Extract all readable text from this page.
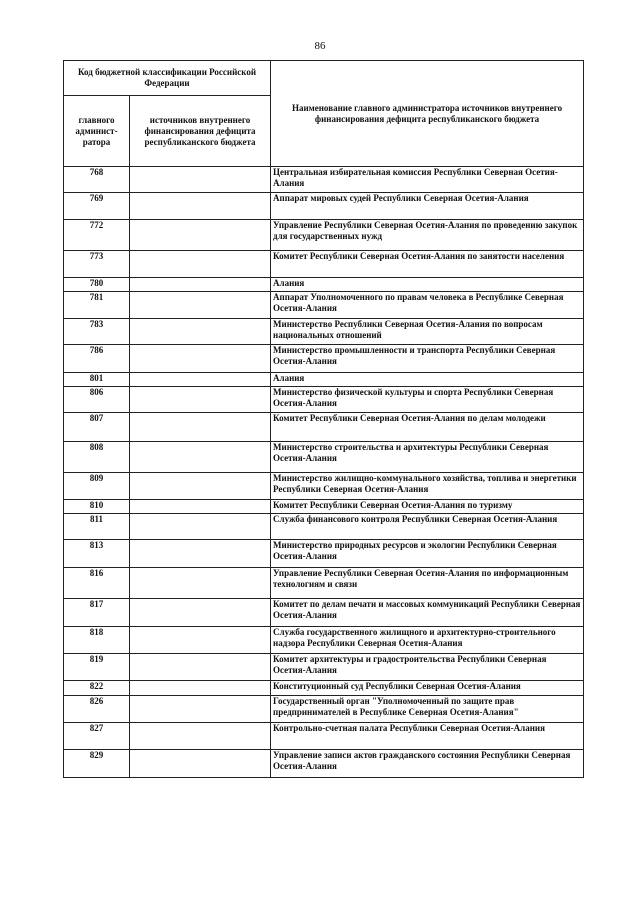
86
Код бюджетной классификации Российской Федерации		Наименование главного администратора источников внутреннего финансирования дефицита республиканского бюджета
главного админист-ратора	источников внутреннего финансирования дефицита республиканского бюджета	
768		Центральная избирательная комиссия Республики Северная Осетия-Алания
769		Аппарат мировых судей Республики Северная Осетия-Алания
772		Управление Республики Северная Осетия-Алания по проведению закупок для государственных нужд
773		Комитет Республики Северная Осетия-Алания по занятости населения
780		Алания
781		Аппарат Уполномоченного по правам человека в Республике Северная Осетия-Алания
783		Министерство Республики Северная Осетия-Алания по вопросам национальных отношений
786		Министерство промышленности и транспорта Республики Северная Осетия-Алания
801		Алания
806		Министерство физической культуры и спорта Республики Северная Осетия-Алания
807		Комитет Республики Северная Осетия-Алания по делам молодежи
808		Министерство строительства и архитектуры Республики Северная Осетия-Алания
809		Министерство жилищно-коммунального хозяйства, топлива и энергетики Республики Северная Осетия-Алания
810		Комитет Республики Северная Осетия-Алания по туризму
811		Служба финансового контроля Республики Северная Осетия-Алания
813		Министерство природных ресурсов и экологии Республики Северная Осетия-Алания
816		Управление Республики Северная Осетия-Алания по информационным технологиям и связи
817		Комитет по делам печати и массовых коммуникаций Республики Северная Осетия-Алания
818		Служба государственного жилищного и архитектурно-строительного надзора Республики Северная Осетия-Алания
819		Комитет архитектуры и градостроительства Республики Северная Осетия-Алания
822		Конституционный суд Республики Северная Осетия-Алания
826		Государственный орган "Уполномоченный по защите прав предпринимателей в Республике Северная Осетия-Алания"
827		Контрольно-счетная палата Республики Северная Осетия-Алания
829		Управление записи актов гражданского состояния Республики Северная Осетия-Алания
